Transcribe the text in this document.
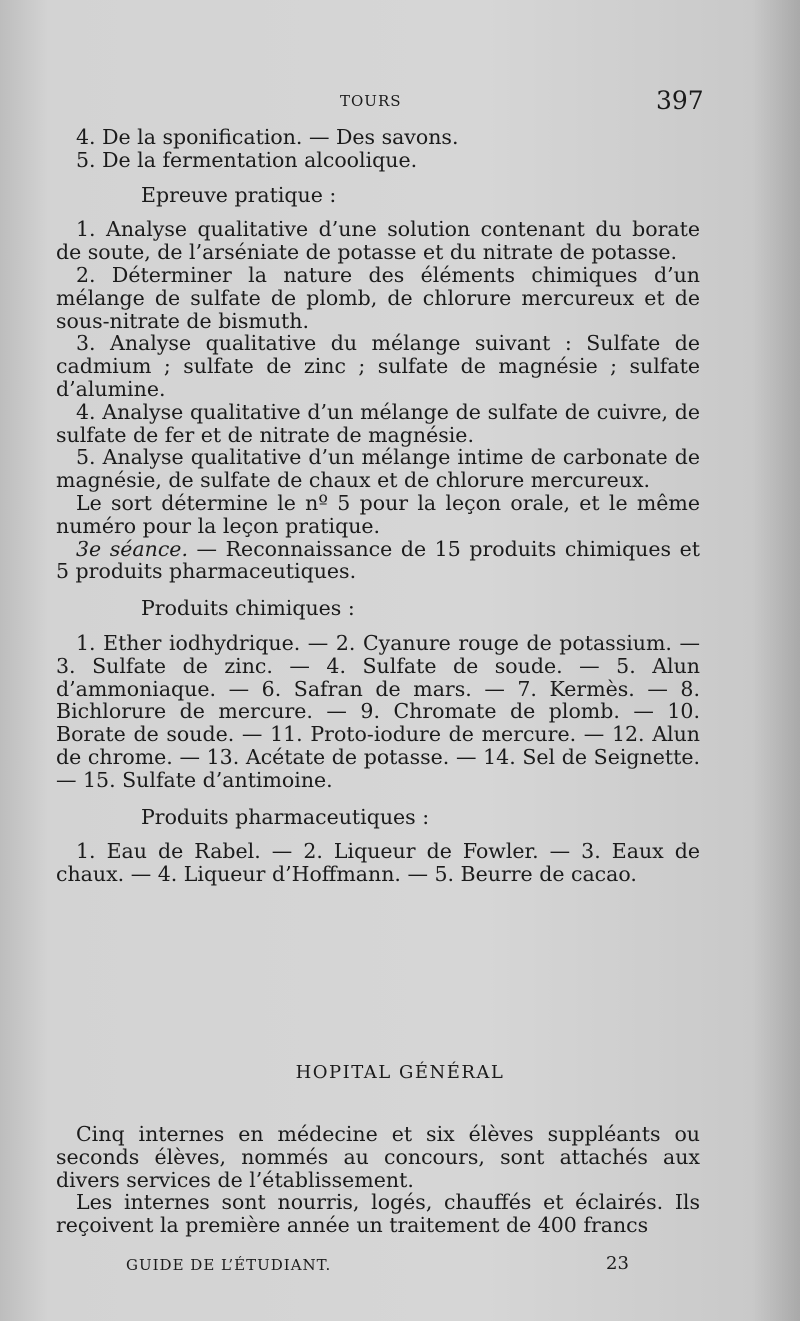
TOURS	397

4. De la sponification. — Des savons.

5. De la fermentation alcoolique.

Epreuve pratique :

1. Analyse qualitative d’une solution contenant du borate de soute, de l’arséniate de potasse et du nitrate de potasse.

2. Déterminer la nature des éléments chimiques d’un mélange de sulfate de plomb, de chlorure mercureux et de sous-nitrate de bismuth.

3. Analyse qualitative du mélange suivant : Sulfate de cadmium ; sulfate de zinc ; sulfate de magnésie ; sulfate d’alumine.

4. Analyse qualitative d’un mélange de sulfate de cuivre, de sulfate de fer et de nitrate de magnésie.

5. Analyse qualitative d’un mélange intime de carbonate de magnésie, de sulfate de chaux et de chlorure mercureux.

Le sort détermine le nº 5 pour la leçon orale, et le même numéro pour la leçon pratique.

3e séance. — Reconnaissance de 15 produits chimiques et 5 produits pharmaceutiques.

Produits chimiques :

1. Ether iodhydrique. — 2. Cyanure rouge de potassium. — 3. Sulfate de zinc. — 4. Sulfate de soude. — 5. Alun d’ammoniaque. — 6. Safran de mars. — 7. Kermès. — 8. Bichlorure de mercure. — 9. Chromate de plomb. — 10. Borate de soude. — 11. Proto-iodure de mercure. — 12. Alun de chrome. — 13. Acétate de potasse. — 14. Sel de Seignette. — 15. Sulfate d’antimoine.

Produits pharmaceutiques :

1. Eau de Rabel. — 2. Liqueur de Fowler. — 3. Eaux de chaux. — 4. Liqueur d’Hoffmann. — 5. Beurre de cacao.

HOPITAL GÉNÉRAL

Cinq internes en médecine et six élèves suppléants ou seconds élèves, nommés au concours, sont attachés aux divers services de l’établissement.

Les internes sont nourris, logés, chauffés et éclairés. Ils reçoivent la première année un traitement de 400 francs

GUIDE DE L’ÉTUDIANT.	23
